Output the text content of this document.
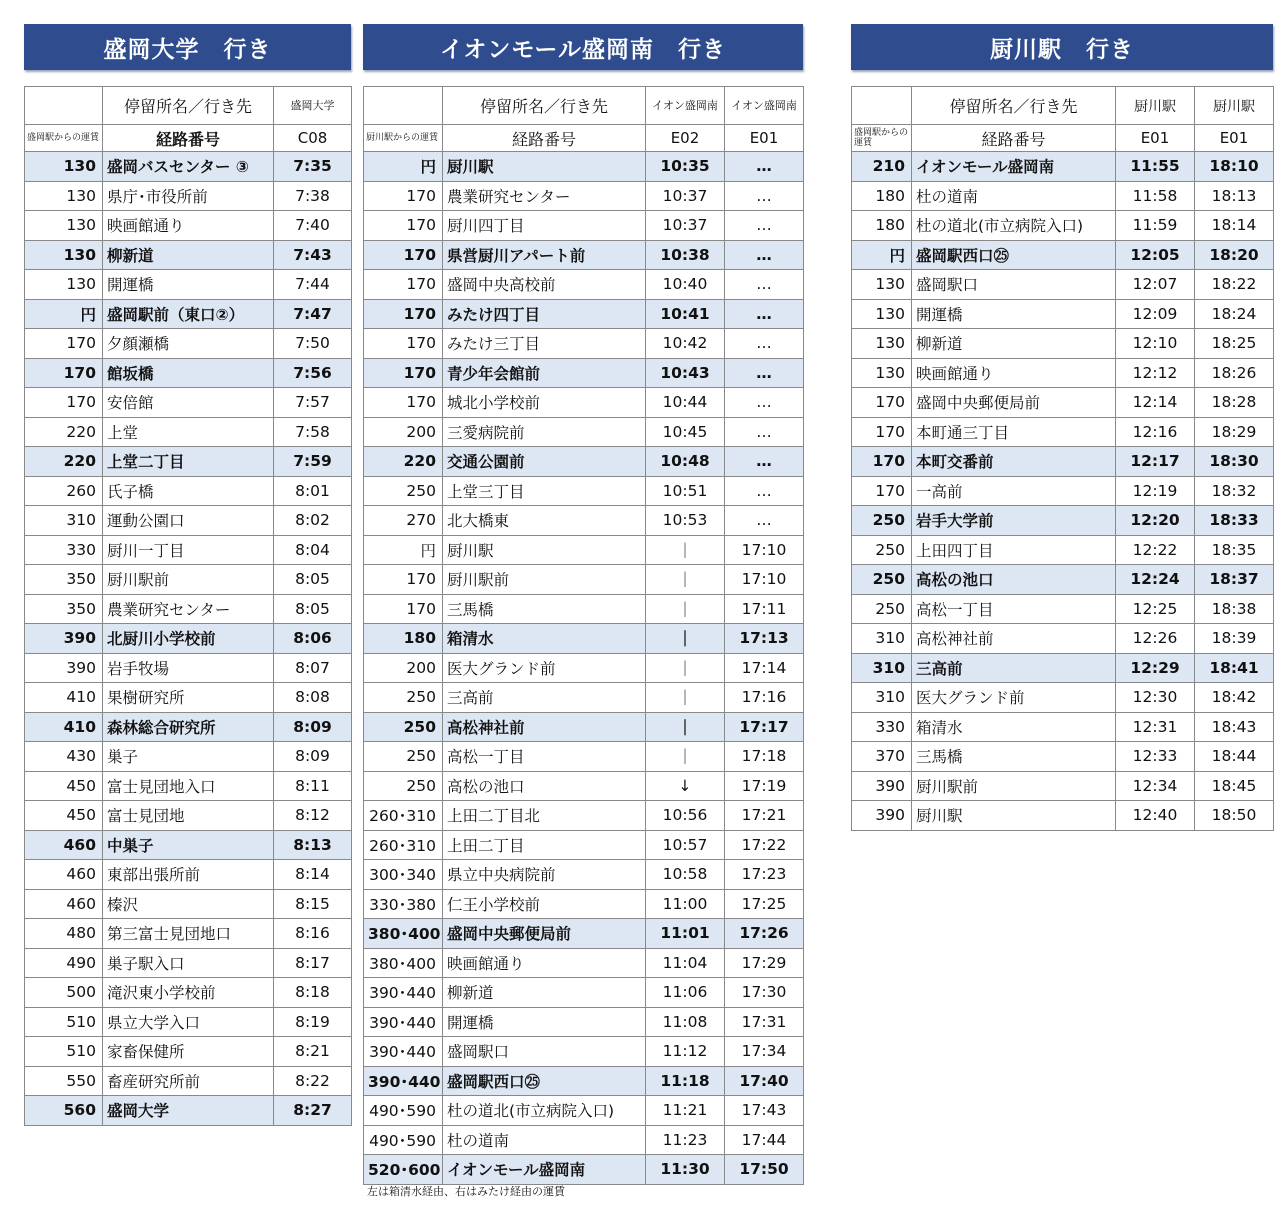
盛岡大学　行き
	停留所名／行き先	盛岡大学
盛岡駅からの運賃	経路番号	C08
130	盛岡バスセンター ③	7:35
130	県庁･市役所前	7:38
130	映画館通り	7:40
130	柳新道	7:43
130	開運橋	7:44
円	盛岡駅前（東口②）	7:47
170	夕顔瀬橋	7:50
170	館坂橋	7:56
170	安倍館	7:57
220	上堂	7:58
220	上堂二丁目	7:59
260	氏子橋	8:01
310	運動公園口	8:02
330	厨川一丁目	8:04
350	厨川駅前	8:05
350	農業研究センター	8:05
390	北厨川小学校前	8:06
390	岩手牧場	8:07
410	果樹研究所	8:08
410	森林総合研究所	8:09
430	巣子	8:09
450	富士見団地入口	8:11
450	富士見団地	8:12
460	中巣子	8:13
460	東部出張所前	8:14
460	榛沢	8:15
480	第三富士見団地口	8:16
490	巣子駅入口	8:17
500	滝沢東小学校前	8:18
510	県立大学入口	8:19
510	家畜保健所	8:21
550	畜産研究所前	8:22
560	盛岡大学	8:27
イオンモール盛岡南　行き
	停留所名／行き先	イオン盛岡南	イオン盛岡南
厨川駅からの運賃	経路番号	E02	E01
円	厨川駅	10:35	…
170	農業研究センター	10:37	…
170	厨川四丁目	10:37	…
170	県営厨川アパート前	10:38	…
170	盛岡中央高校前	10:40	…
170	みたけ四丁目	10:41	…
170	みたけ三丁目	10:42	…
170	青少年会館前	10:43	…
170	城北小学校前	10:44	…
200	三愛病院前	10:45	…
220	交通公園前	10:48	…
250	上堂三丁目	10:51	…
270	北大橋東	10:53	…
円	厨川駅	｜	17:10
170	厨川駅前	｜	17:10
170	三馬橋	｜	17:11
180	箱清水	｜	17:13
200	医大グランド前	｜	17:14
250	三高前	｜	17:16
250	高松神社前	｜	17:17
250	高松一丁目	｜	17:18
250	高松の池口	↓	17:19
260･310	上田二丁目北	10:56	17:21
260･310	上田二丁目	10:57	17:22
300･340	県立中央病院前	10:58	17:23
330･380	仁王小学校前	11:00	17:25
380･400	盛岡中央郵便局前	11:01	17:26
380･400	映画館通り	11:04	17:29
390･440	柳新道	11:06	17:30
390･440	開運橋	11:08	17:31
390･440	盛岡駅口	11:12	17:34
390･440	盛岡駅西口㉕	11:18	17:40
490･590	杜の道北(市立病院入口)	11:21	17:43
490･590	杜の道南	11:23	17:44
520･600	イオンモール盛岡南	11:30	17:50
左は箱清水経由、右はみたけ経由の運賃
厨川駅　行き
	停留所名／行き先	厨川駅	厨川駅
盛岡駅からの運賃	経路番号	E01	E01
210	イオンモール盛岡南	11:55	18:10
180	杜の道南	11:58	18:13
180	杜の道北(市立病院入口)	11:59	18:14
円	盛岡駅西口㉕	12:05	18:20
130	盛岡駅口	12:07	18:22
130	開運橋	12:09	18:24
130	柳新道	12:10	18:25
130	映画館通り	12:12	18:26
170	盛岡中央郵便局前	12:14	18:28
170	本町通三丁目	12:16	18:29
170	本町交番前	12:17	18:30
170	一高前	12:19	18:32
250	岩手大学前	12:20	18:33
250	上田四丁目	12:22	18:35
250	高松の池口	12:24	18:37
250	高松一丁目	12:25	18:38
310	高松神社前	12:26	18:39
310	三高前	12:29	18:41
310	医大グランド前	12:30	18:42
330	箱清水	12:31	18:43
370	三馬橋	12:33	18:44
390	厨川駅前	12:34	18:45
390	厨川駅	12:40	18:50
